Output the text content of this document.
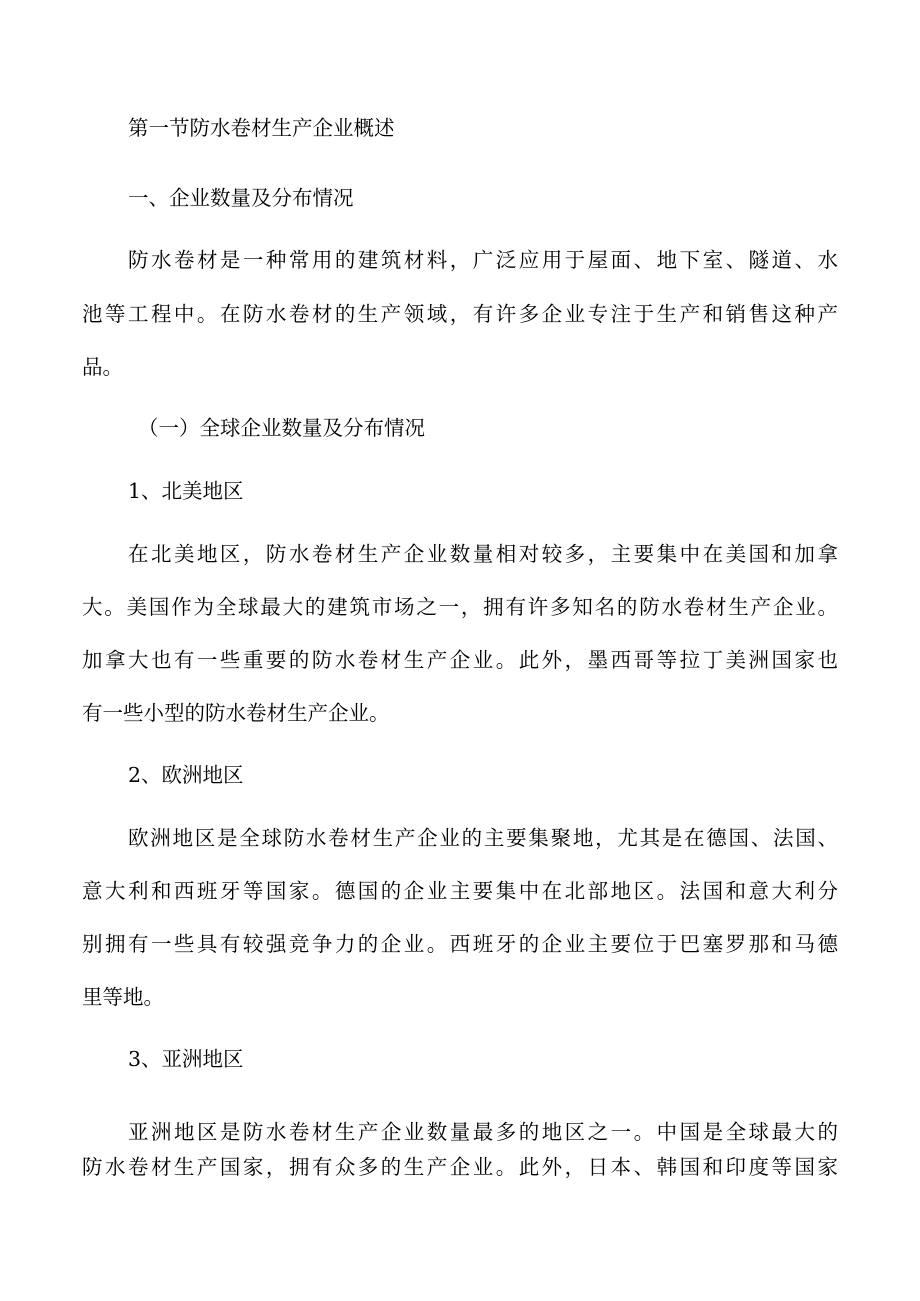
第一节防水卷材生产企业概述
一、企业数量及分布情况
防水卷材是一种常用的建筑材料，广泛应用于屋面、地下室、隧道、水
池等工程中。在防水卷材的生产领域，有许多企业专注于生产和销售这种产
品。
（一）全球企业数量及分布情况
1、北美地区
在北美地区，防水卷材生产企业数量相对较多，主要集中在美国和加拿
大。美国作为全球最大的建筑市场之一，拥有许多知名的防水卷材生产企业。
加拿大也有一些重要的防水卷材生产企业。此外，墨西哥等拉丁美洲国家也
有一些小型的防水卷材生产企业。
2、欧洲地区
欧洲地区是全球防水卷材生产企业的主要集聚地，尤其是在德国、法国、
意大利和西班牙等国家。德国的企业主要集中在北部地区。法国和意大利分
别拥有一些具有较强竞争力的企业。西班牙的企业主要位于巴塞罗那和马德
里等地。
3、亚洲地区
亚洲地区是防水卷材生产企业数量最多的地区之一。中国是全球最大的
防水卷材生产国家，拥有众多的生产企业。此外，日本、韩国和印度等国家
